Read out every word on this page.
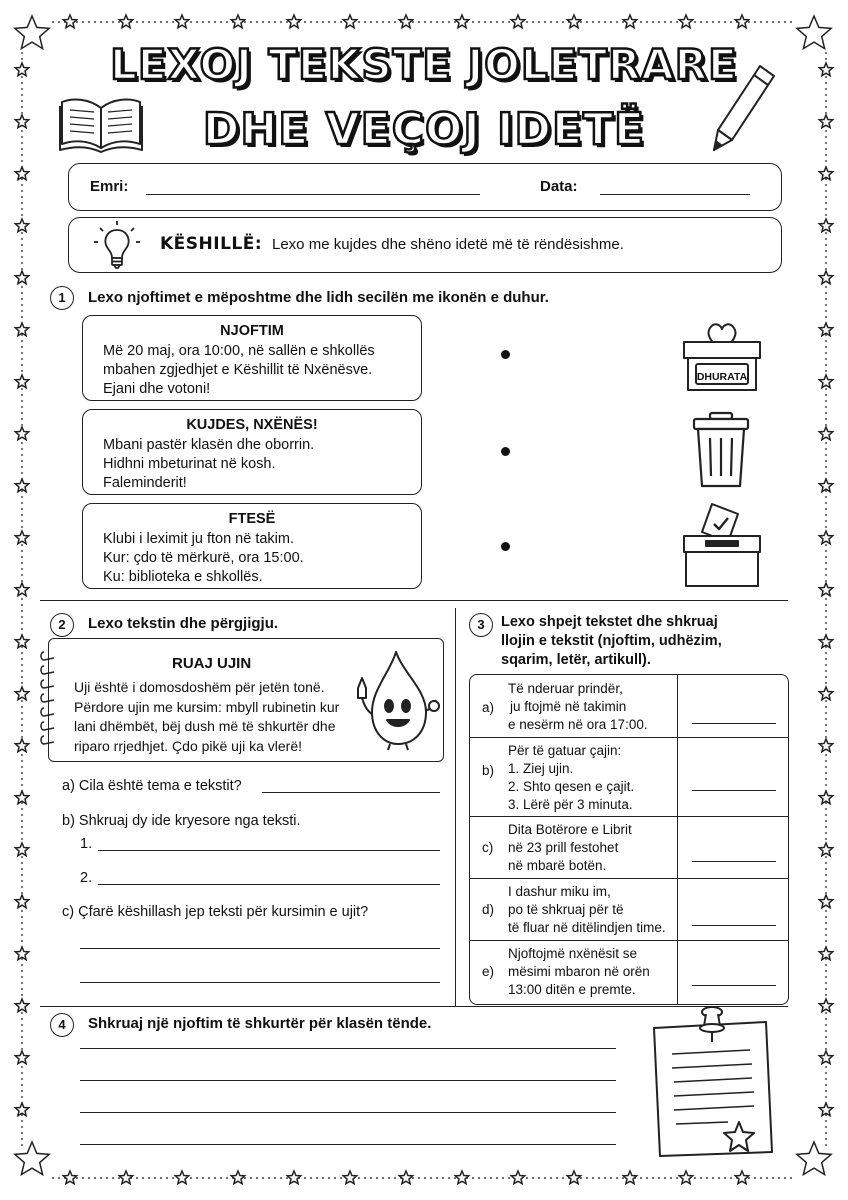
LEXOJ TEKSTE JOLETRARE
DHE VEÇOJ IDETË
Emri:	Data:
KËSHILLË: Lexo me kujdes dhe shëno idetë më të rëndësishme.
1	Lexo njoftimet e mëposhtme dhe lidh secilën me ikonën e duhur.
NJOFTIM
Më 20 maj, ora 10:00, në sallën e shkollës
mbahen zgjedhjet e Këshillit të Nxënësve.
Ejani dhe votoni!
KUJDES, NXËNËS!
Mbani pastër klasën dhe oborrin.
Hidhni mbeturinat në kosh.
Faleminderit!
FTESË
Klubi i leximit ju fton në takim.
Kur: çdo të mërkurë, ora 15:00.
Ku: biblioteka e shkollës.
DHURATA
2	Lexo tekstin dhe përgjigju.
RUAJ UJIN
Uji është i domosdoshëm për jetën tonë.
Përdore ujin me kursim: mbyll rubinetin kur
lani dhëmbët, bëj dush më të shkurtër dhe
riparo rrjedhjet. Çdo pikë uji ka vlerë!
a) Cila është tema e tekstit?
b) Shkruaj dy ide kryesore nga teksti.
1.
2.
c) Çfarë këshillash jep teksti për kursimin e ujit?
3	Lexo shpejt tekstet dhe shkruaj
llojin e tekstit (njoftim, udhëzim,
sqarim, letër, artikull).
a)
Të nderuar prindër,
ju ftojmë në takimin
e nesërm në ora 17:00.
b)
Për të gatuar çajin:
1. Ziej ujin.
2. Shto qesen e çajit.
3. Lërë për 3 minuta.
c)
Dita Botërore e Librit
në 23 prill festohet
në mbarë botën.
d)
I dashur miku im,
po të shkruaj për të
të fluar në ditëlindjen time.
e)
Njoftojmë nxënësit se
mësimi mbaron në orën
13:00 ditën e premte.
4	Shkruaj një njoftim të shkurtër për klasën tënde.
